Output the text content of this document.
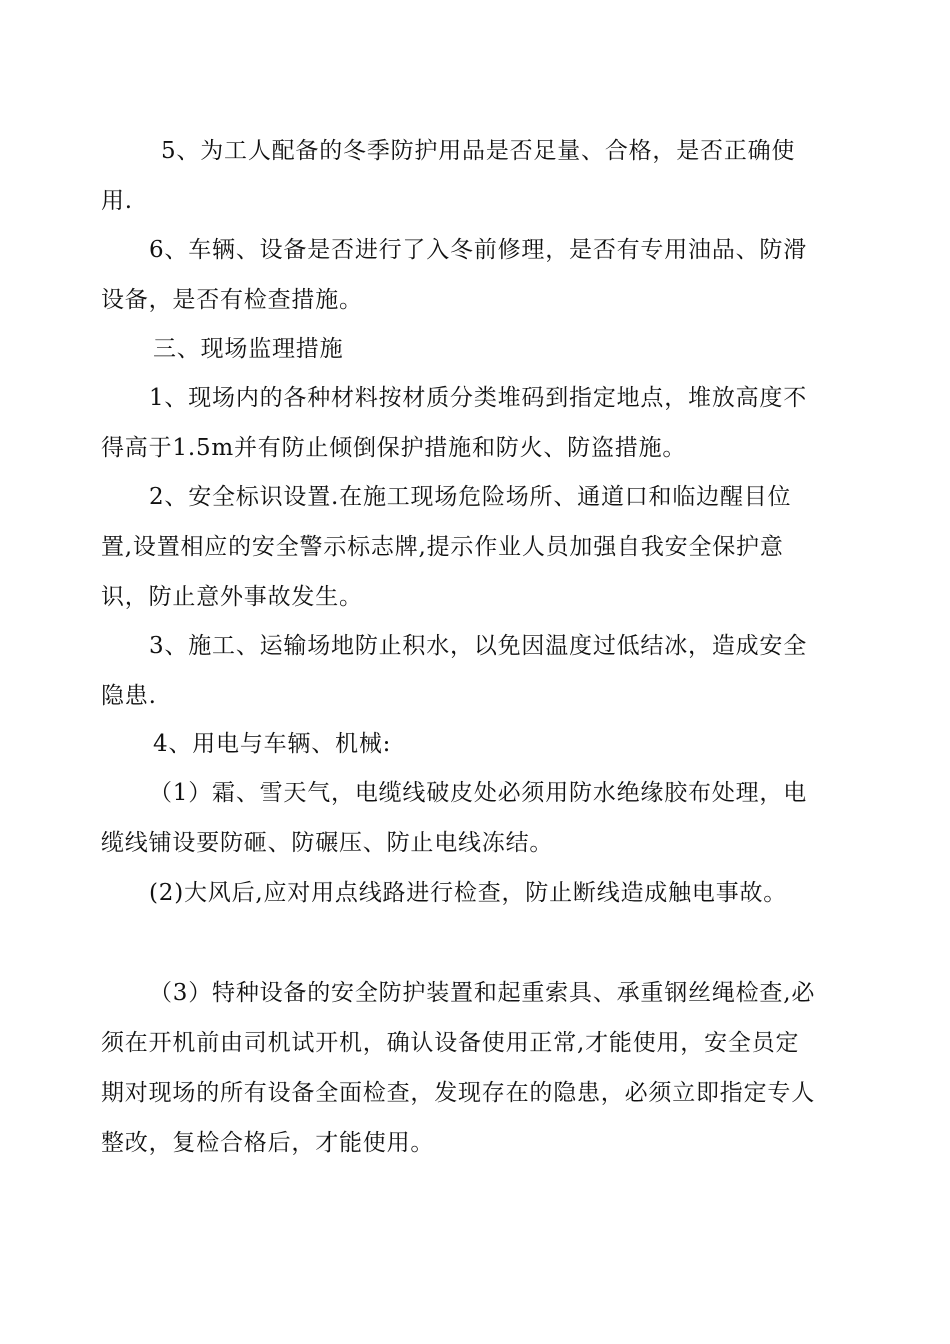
5、为工人配备的冬季防护用品是否足量、合格，是否正确使用.

6、车辆、设备是否进行了入冬前修理，是否有专用油品、防滑设备，是否有检查措施。

三、现场监理措施

1、现场内的各种材料按材质分类堆码到指定地点，堆放高度不得高于1.5m并有防止倾倒保护措施和防火、防盗措施。

2、安全标识设置.在施工现场危险场所、通道口和临边醒目位置,设置相应的安全警示标志牌,提示作业人员加强自我安全保护意识，防止意外事故发生。

3、施工、运输场地防止积水，以免因温度过低结冰，造成安全隐患.

4、用电与车辆、机械:

（1）霜、雪天气，电缆线破皮处必须用防水绝缘胶布处理，电缆线铺设要防砸、防碾压、防止电线冻结。

(2)大风后,应对用点线路进行检查，防止断线造成触电事故。

（3）特种设备的安全防护装置和起重索具、承重钢丝绳检查,必须在开机前由司机试开机，确认设备使用正常,才能使用，安全员定期对现场的所有设备全面检查，发现存在的隐患，必须立即指定专人整改，复检合格后，才能使用。
